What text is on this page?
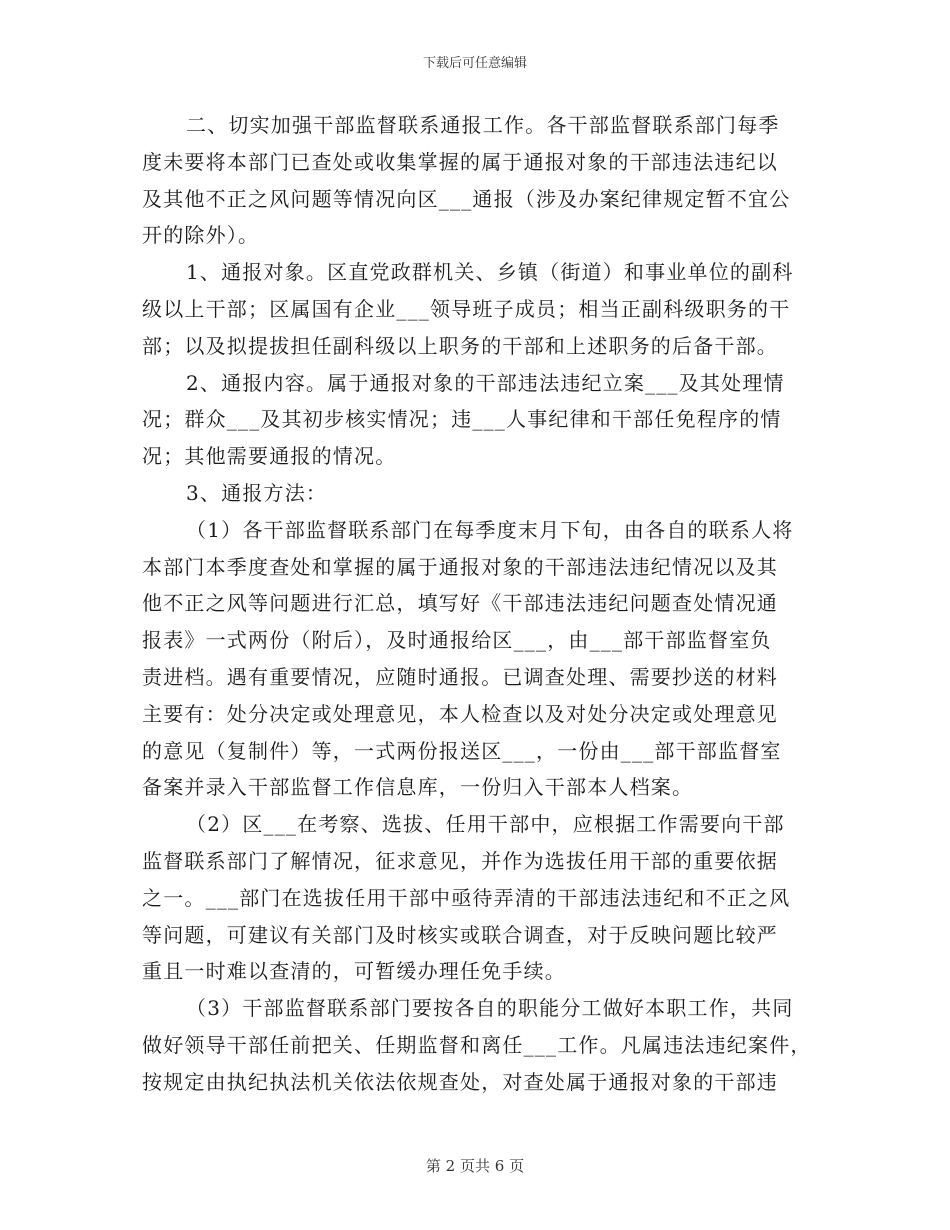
下载后可任意编辑
二、切实加强干部监督联系通报工作。各干部监督联系部门每季
度未要将本部门已查处或收集掌握的属于通报对象的干部违法违纪以
及其他不正之风问题等情况向区___通报（涉及办案纪律规定暂不宜公
开的除外）。
1、通报对象。区直党政群机关、乡镇（街道）和事业单位的副科
级以上干部；区属国有企业___领导班子成员；相当正副科级职务的干
部；以及拟提拔担任副科级以上职务的干部和上述职务的后备干部。
2、通报内容。属于通报对象的干部违法违纪立案___及其处理情
况；群众___及其初步核实情况；违___人事纪律和干部任免程序的情
况；其他需要通报的情况。
3、通报方法：
（1）各干部监督联系部门在每季度末月下旬，由各自的联系人将
本部门本季度查处和掌握的属于通报对象的干部违法违纪情况以及其
他不正之风等问题进行汇总，填写好《干部违法违纪问题查处情况通
报表》一式两份（附后），及时通报给区___，由___部干部监督室负
责进档。遇有重要情况，应随时通报。已调查处理、需要抄送的材料
主要有：处分决定或处理意见，本人检查以及对处分决定或处理意见
的意见（复制件）等，一式两份报送区___，一份由___部干部监督室
备案并录入干部监督工作信息库，一份归入干部本人档案。
（2）区___在考察、选拔、任用干部中，应根据工作需要向干部
监督联系部门了解情况，征求意见，并作为选拔任用干部的重要依据
之一。___部门在选拔任用干部中亟待弄清的干部违法违纪和不正之风
等问题，可建议有关部门及时核实或联合调查，对于反映问题比较严
重且一时难以查清的，可暂缓办理任免手续。
（3）干部监督联系部门要按各自的职能分工做好本职工作，共同
做好领导干部任前把关、任期监督和离任___工作。凡属违法违纪案件，
按规定由执纪执法机关依法依规查处，对查处属于通报对象的干部违
第 2 页共 6 页
